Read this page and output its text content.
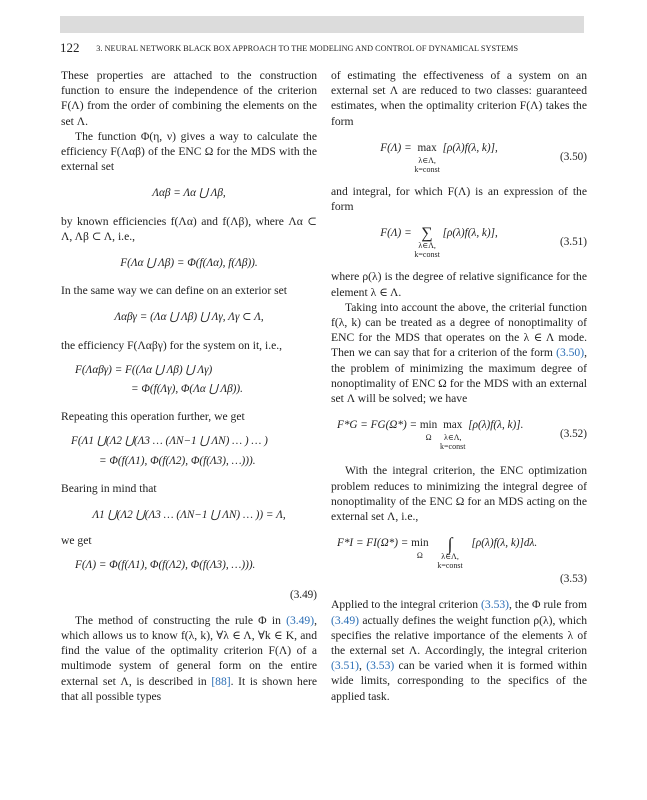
122 3. NEURAL NETWORK BLACK BOX APPROACH TO THE MODELING AND CONTROL OF DYNAMICAL SYSTEMS

These properties are attached to the construction function to ensure the independence of the criterion F(Λ) from the order of combining the elements on the set Λ.

The function Φ(η, ν) gives a way to calculate the efficiency F(Λαβ) of the ENC Ω for the MDS with the external set

Λαβ = Λα ⋃ Λβ,

by known efficiencies f(Λα) and f(Λβ), where Λα ⊂ Λ, Λβ ⊂ Λ, i.e.,

F(Λα ⋃ Λβ) = Φ(f(Λα), f(Λβ)).

In the same way we can define on an exterior set

Λαβγ = (Λα ⋃ Λβ) ⋃ Λγ, Λγ ⊂ Λ,

the efficiency F(Λαβγ) for the system on it, i.e.,

F(Λαβγ) = F((Λα ⋃ Λβ) ⋃ Λγ)
= Φ(f(Λγ), Φ(Λα ⋃ Λβ)).

Repeating this operation further, we get

F(Λ1 ⋃(Λ2 ⋃(Λ3 … (ΛN−1 ⋃ ΛN) … ) … )
= Φ(f(Λ1), Φ(f(Λ2), Φ(f(Λ3), …))).

Bearing in mind that

Λ1 ⋃(Λ2 ⋃(Λ3 … (ΛN−1 ⋃ ΛN) … )) = Λ,

we get

F(Λ) = Φ(f(Λ1), Φ(f(Λ2), Φ(f(Λ3), …))).
(3.49)

The method of constructing the rule Φ in (3.49), which allows us to know f(λ, k), ∀λ ∈ Λ, ∀k ∈ K, and find the value of the optimality criterion F(Λ) of a multimode system of general form on the entire external set Λ, is described in [88]. It is shown here that all possible types

of estimating the effectiveness of a system on an external set Λ are reduced to two classes: guaranteed estimates, when the optimality criterion F(Λ) takes the form

F(Λ) = max
λ∈Λ,
k=const
[ρ(λ)f(λ, k)],
(3.50)

and integral, for which F(Λ) is an expression of the form

F(Λ) = ∑
λ∈Λ,
k=const
[ρ(λ)f(λ, k)],
(3.51)

where ρ(λ) is the degree of relative significance for the element λ ∈ Λ.

Taking into account the above, the criterial function f(λ, k) can be treated as a degree of nonoptimality of ENC for the MDS that operates on the λ ∈ Λ mode. Then we can say that for a criterion of the form (3.50), the problem of minimizing the maximum degree of nonoptimality of ENC Ω for the MDS with an external set Λ will be solved; we have

F*G = FG(Ω*) = min
Ω

max
λ∈Λ,
k=const
[ρ(λ)f(λ, k)].
(3.52)

With the integral criterion, the ENC optimization problem reduces to minimizing the integral degree of nonoptimality of the ENC Ω for an MDS acting on the external set Λ, i.e.,

F*I = FI(Ω*) = min
Ω

∫
λ∈Λ,
k=const
[ρ(λ)f(λ, k)]dλ.
(3.53)

Applied to the integral criterion (3.53), the Φ rule from (3.49) actually defines the weight function ρ(λ), which specifies the relative importance of the elements λ of the external set Λ. Accordingly, the integral criterion (3.51), (3.53) can be varied when it is formed within wide limits, corresponding to the specifics of the applied task.
